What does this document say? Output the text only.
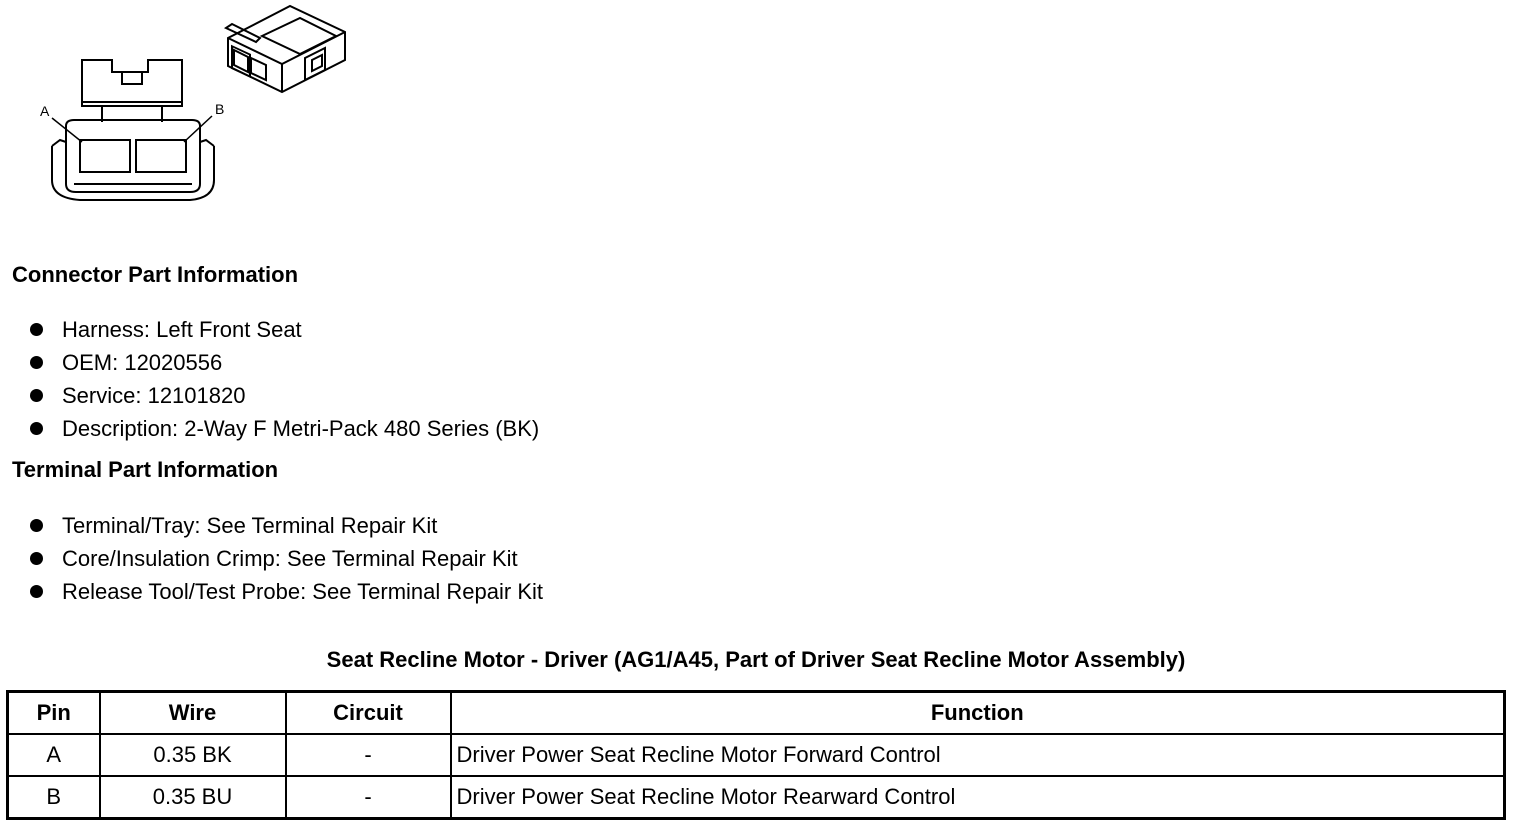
A	B
Connector Part Information
Harness: Left Front Seat
OEM: 12020556
Service: 12101820
Description: 2-Way F Metri-Pack 480 Series (BK)
Terminal Part Information
Terminal/Tray: See Terminal Repair Kit
Core/Insulation Crimp: See Terminal Repair Kit
Release Tool/Test Probe: See Terminal Repair Kit
Seat Recline Motor - Driver (AG1/A45, Part of Driver Seat Recline Motor Assembly)
Pin	Wire	Circuit	Function
A	0.35 BK	-	Driver Power Seat Recline Motor Forward Control
B	0.35 BU	-	Driver Power Seat Recline Motor Rearward Control
